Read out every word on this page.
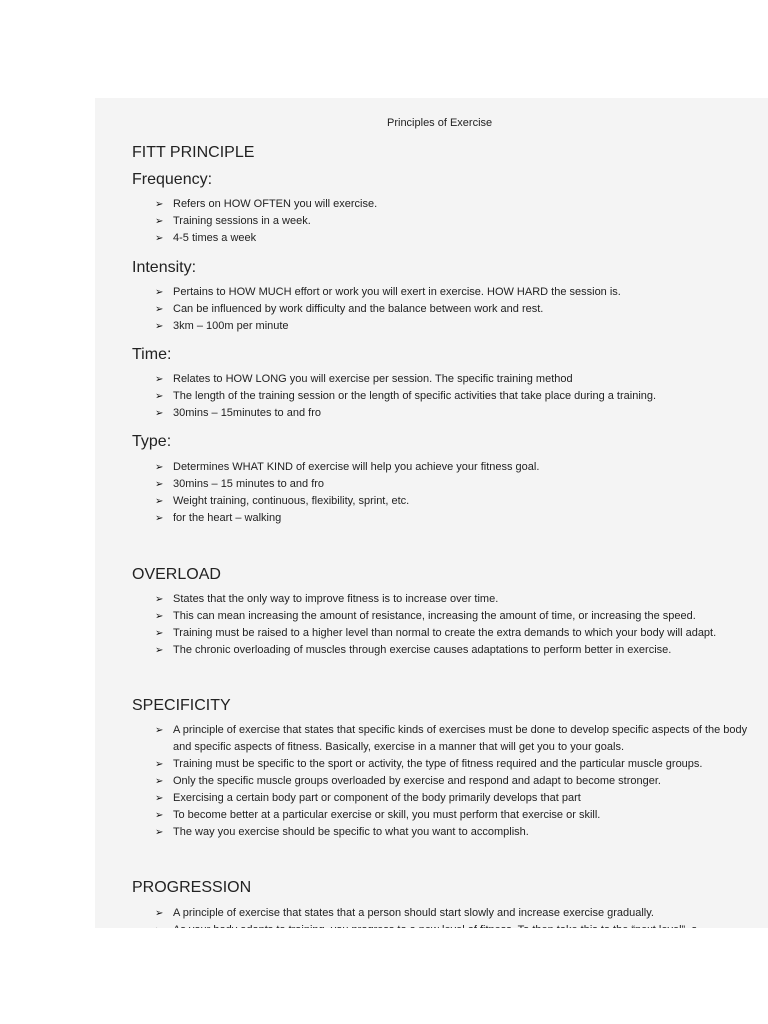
Principles of Exercise
FITT PRINCIPLE
Frequency:
➢ Refers on HOW OFTEN you will exercise.
➢ Training sessions in a week.
➢ 4-5 times a week
Intensity:
➢ Pertains to HOW MUCH effort or work you will exert in exercise. HOW HARD the session is.
➢ Can be influenced by work difficulty and the balance between work and rest.
➢ 3km – 100m per minute
Time:
➢ Relates to HOW LONG you will exercise per session. The specific training method
➢ The length of the training session or the length of specific activities that take place during a training.
➢ 30mins – 15minutes to and fro
Type:
➢ Determines WHAT KIND of exercise will help you achieve your fitness goal.
➢ 30mins – 15 minutes to and fro
➢ Weight training, continuous, flexibility, sprint, etc.
➢ for the heart – walking
OVERLOAD
➢ States that the only way to improve fitness is to increase over time.
➢ This can mean increasing the amount of resistance, increasing the amount of time, or increasing the speed.
➢ Training must be raised to a higher level than normal to create the extra demands to which your body will adapt.
➢ The chronic overloading of muscles through exercise causes adaptations to perform better in exercise.
SPECIFICITY
➢ A principle of exercise that states that specific kinds of exercises must be done to develop specific aspects of the body and specific aspects of fitness. Basically, exercise in a manner that will get you to your goals.
➢ Training must be specific to the sport or activity, the type of fitness required and the particular muscle groups.
➢ Only the specific muscle groups overloaded by exercise and respond and adapt to become stronger.
➢ Exercising a certain body part or component of the body primarily develops that part
➢ To become better at a particular exercise or skill, you must perform that exercise or skill.
➢ The way you exercise should be specific to what you want to accomplish.
PROGRESSION
➢ A principle of exercise that states that a person should start slowly and increase exercise gradually.
